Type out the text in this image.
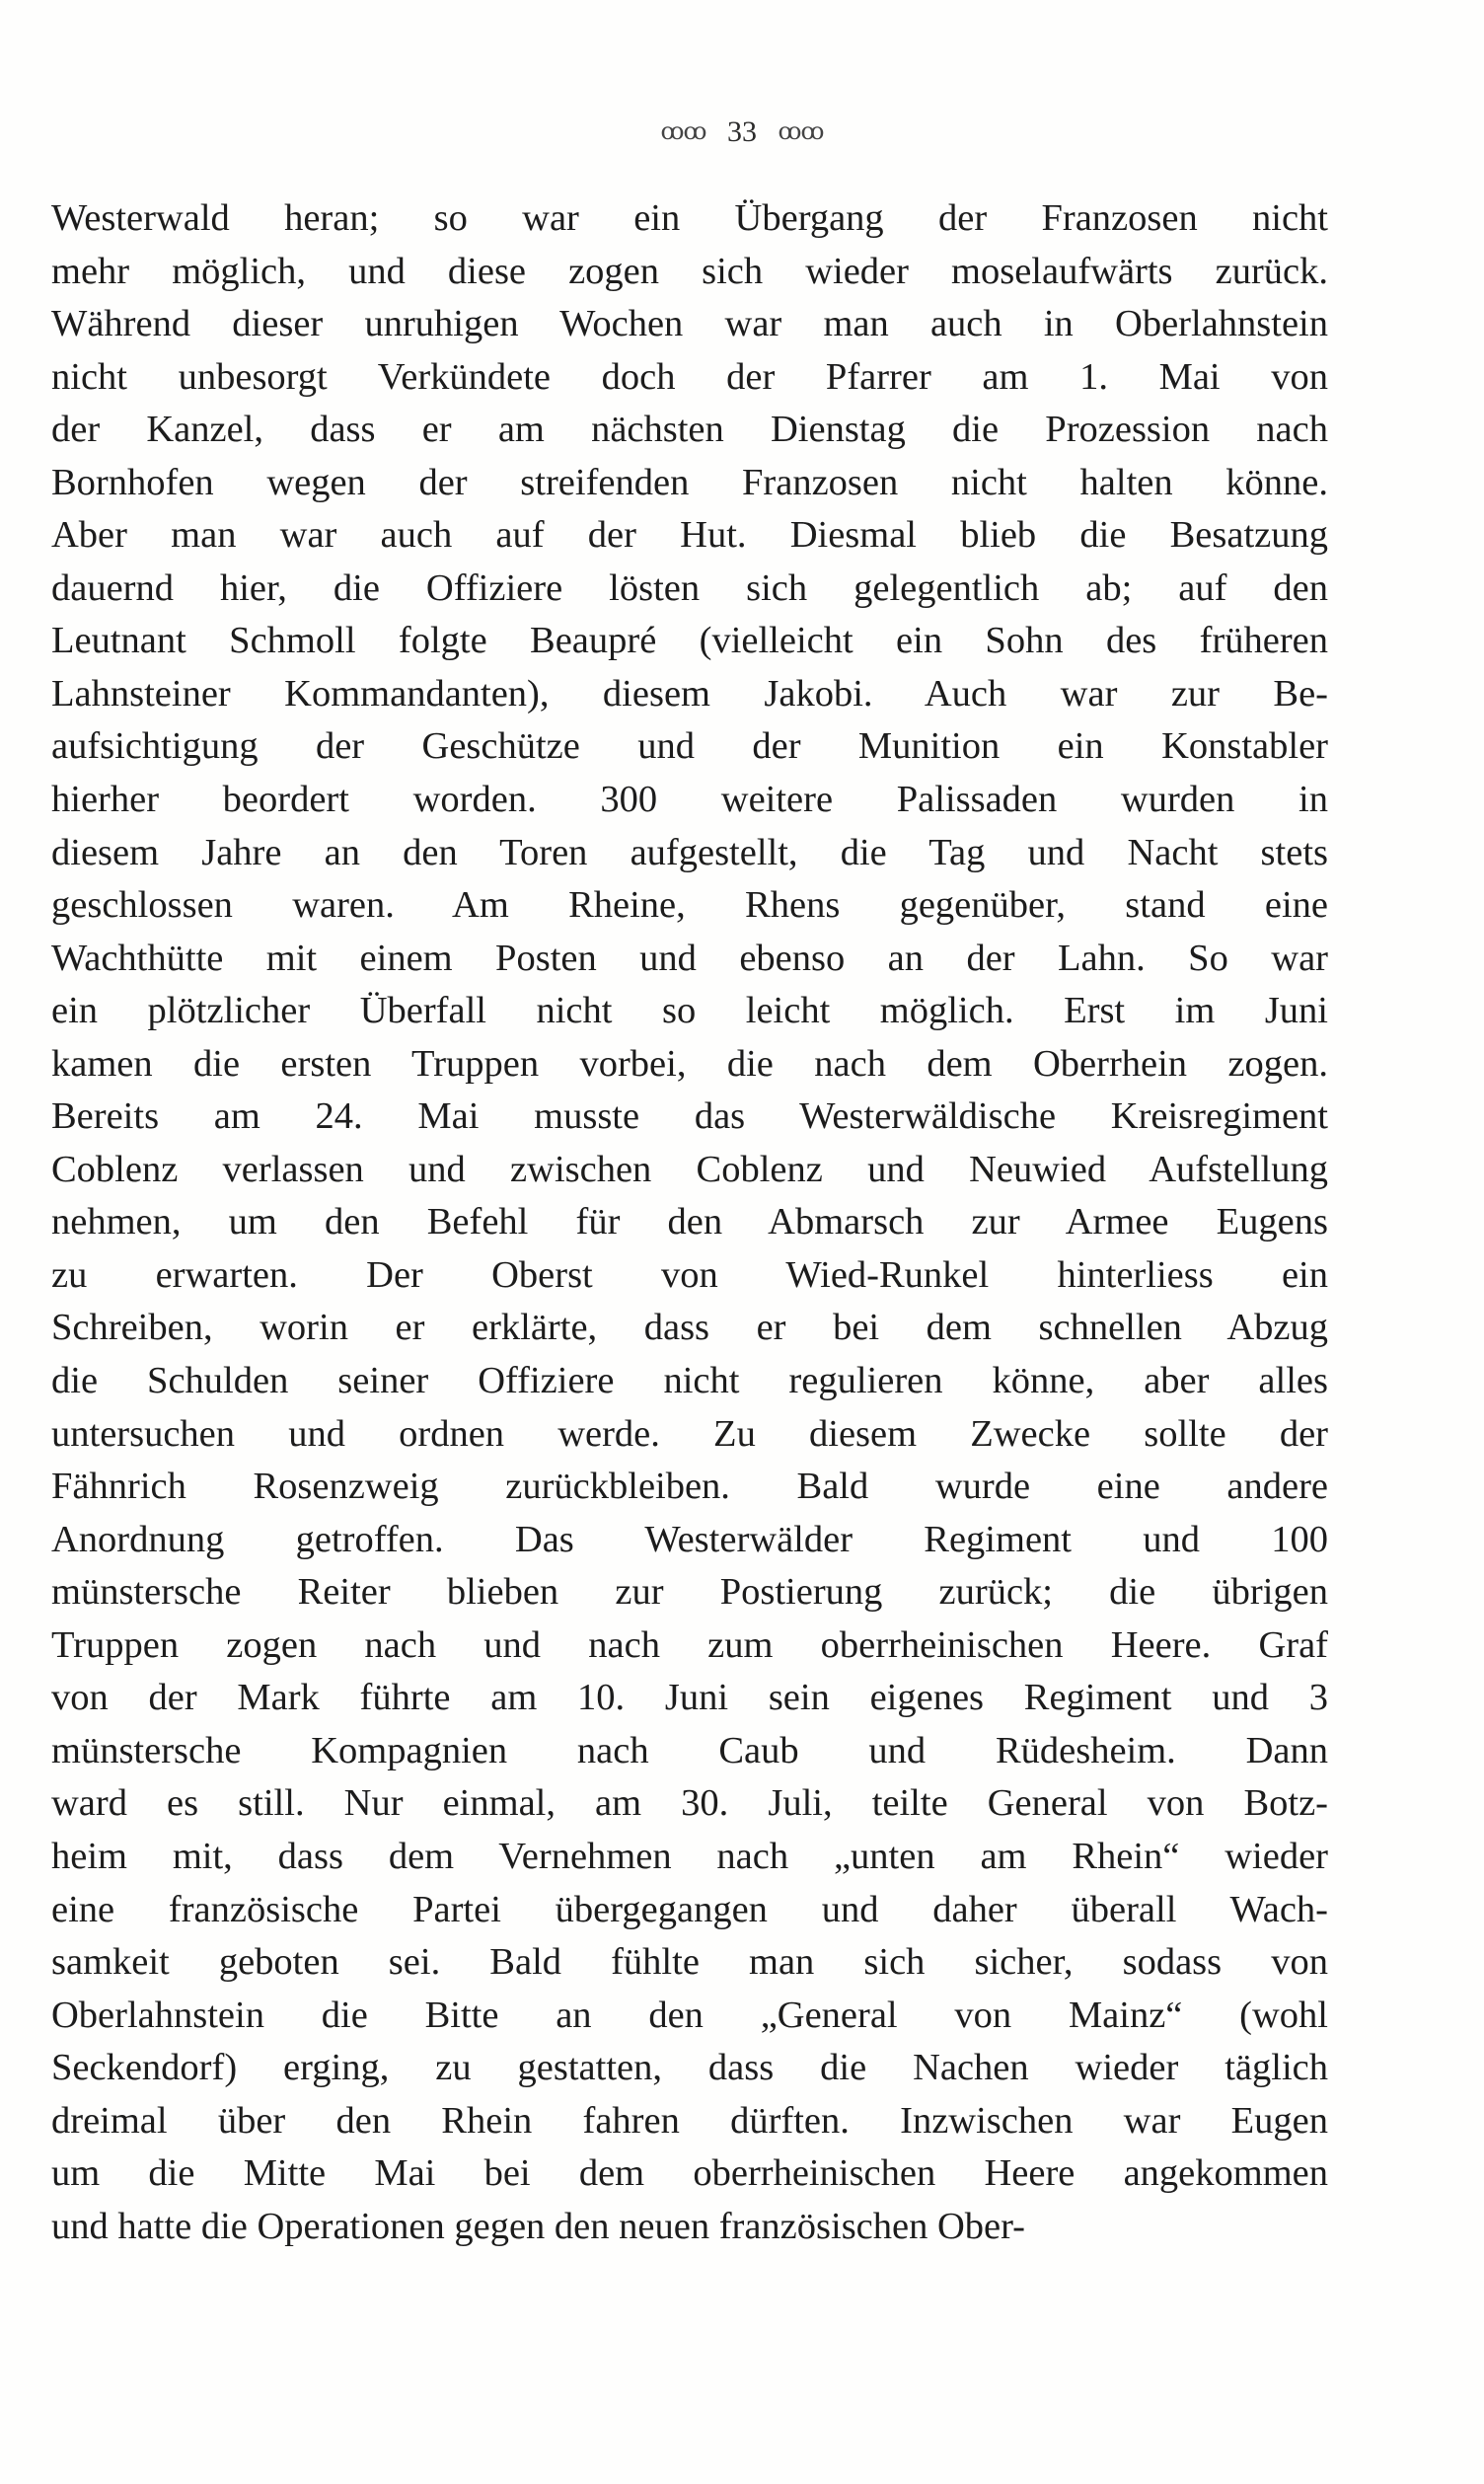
ꝏꝏ 33 ꝏꝏ
Westerwald heran; so war ein Übergang der Franzosen nicht
mehr möglich, und diese zogen sich wieder moselaufwärts zurück.
Während dieser unruhigen Wochen war man auch in Oberlahnstein
nicht unbesorgt Verkündete doch der Pfarrer am 1. Mai von
der Kanzel, dass er am nächsten Dienstag die Prozession nach
Bornhofen wegen der streifenden Franzosen nicht halten könne.
Aber man war auch auf der Hut. Diesmal blieb die Besatzung
dauernd hier, die Offiziere lösten sich gelegentlich ab; auf den
Leutnant Schmoll folgte Beaupré (vielleicht ein Sohn des früheren
Lahnsteiner Kommandanten), diesem Jakobi. Auch war zur Be-
aufsichtigung der Geschütze und der Munition ein Konstabler
hierher beordert worden. 300 weitere Palissaden wurden in
diesem Jahre an den Toren aufgestellt, die Tag und Nacht stets
geschlossen waren. Am Rheine, Rhens gegenüber, stand eine
Wachthütte mit einem Posten und ebenso an der Lahn. So war
ein plötzlicher Überfall nicht so leicht möglich. Erst im Juni
kamen die ersten Truppen vorbei, die nach dem Oberrhein zogen.
Bereits am 24. Mai musste das Westerwäldische Kreisregiment
Coblenz verlassen und zwischen Coblenz und Neuwied Aufstellung
nehmen, um den Befehl für den Abmarsch zur Armee Eugens
zu erwarten. Der Oberst von Wied-Runkel hinterliess ein
Schreiben, worin er erklärte, dass er bei dem schnellen Abzug
die Schulden seiner Offiziere nicht regulieren könne, aber alles
untersuchen und ordnen werde. Zu diesem Zwecke sollte der
Fähnrich Rosenzweig zurückbleiben. Bald wurde eine andere
Anordnung getroffen. Das Westerwälder Regiment und 100
münstersche Reiter blieben zur Postierung zurück; die übrigen
Truppen zogen nach und nach zum oberrheinischen Heere. Graf
von der Mark führte am 10. Juni sein eigenes Regiment und 3
münstersche Kompagnien nach Caub und Rüdesheim. Dann
ward es still. Nur einmal, am 30. Juli, teilte General von Botz-
heim mit, dass dem Vernehmen nach „unten am Rhein“ wieder
eine französische Partei übergegangen und daher überall Wach-
samkeit geboten sei. Bald fühlte man sich sicher, sodass von
Oberlahnstein die Bitte an den „General von Mainz“ (wohl
Seckendorf) erging, zu gestatten, dass die Nachen wieder täglich
dreimal über den Rhein fahren dürften. Inzwischen war Eugen
um die Mitte Mai bei dem oberrheinischen Heere angekommen
und hatte die Operationen gegen den neuen französischen Ober-
